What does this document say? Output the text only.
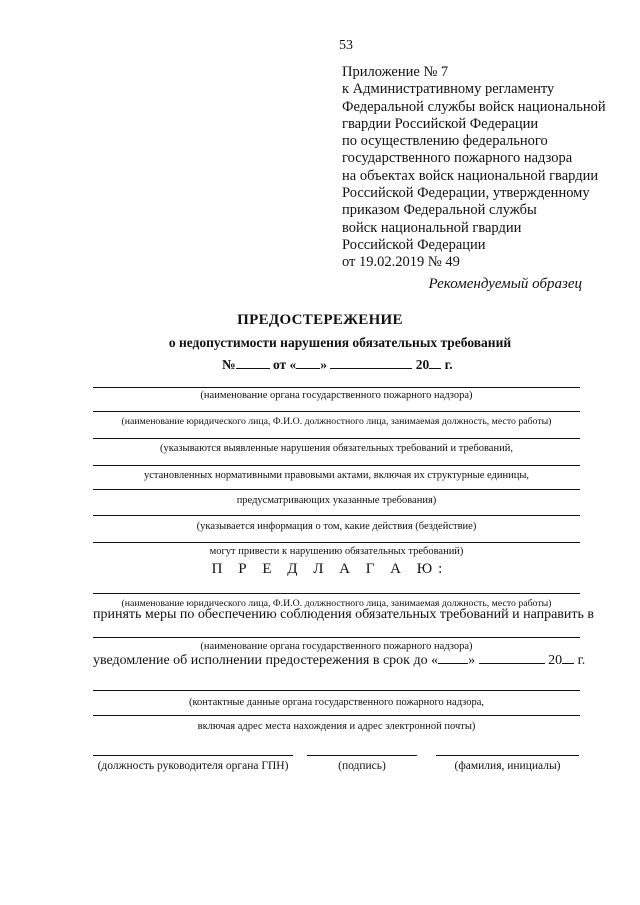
53
Приложение № 7
к Административному регламенту
Федеральной службы войск национальной
гвардии Российской Федерации
по осуществлению федерального
государственного пожарного надзора
на объектах войск национальной гвардии
Российской Федерации, утвержденному
приказом Федеральной службы
войск национальной гвардии
Российской Федерации
от 19.02.2019 № 49
Рекомендуемый образец
ПРЕДОСТЕРЕЖЕНИЕ
о недопустимости нарушения обязательных требований
№	от « »	20 г.
(наименование органа государственного пожарного надзора)
(наименование юридического лица, Ф.И.О. должностного лица, занимаемая должность, место работы)
(указываются выявленные нарушения обязательных требований и требований,
установленных нормативными правовыми актами, включая их структурные единицы,
предусматривающих указанные требования)
(указывается информация о том, какие действия (бездействие)
могут привести к нарушению обязательных требований)
П Р Е Д Л А Г А Ю:
(наименование юридического лица, Ф.И.О. должностного лица, занимаемая должность, место работы)
принять меры по обеспечению соблюдения обязательных требований и направить в
(наименование органа государственного пожарного надзора)
уведомление об исполнении предостережения в срок до « »	20 г.
(контактные данные органа государственного пожарного надзора,
включая адрес места нахождения и адрес электронной почты)
(должность руководителя органа ГПН)	(подпись)	(фамилия, инициалы)
